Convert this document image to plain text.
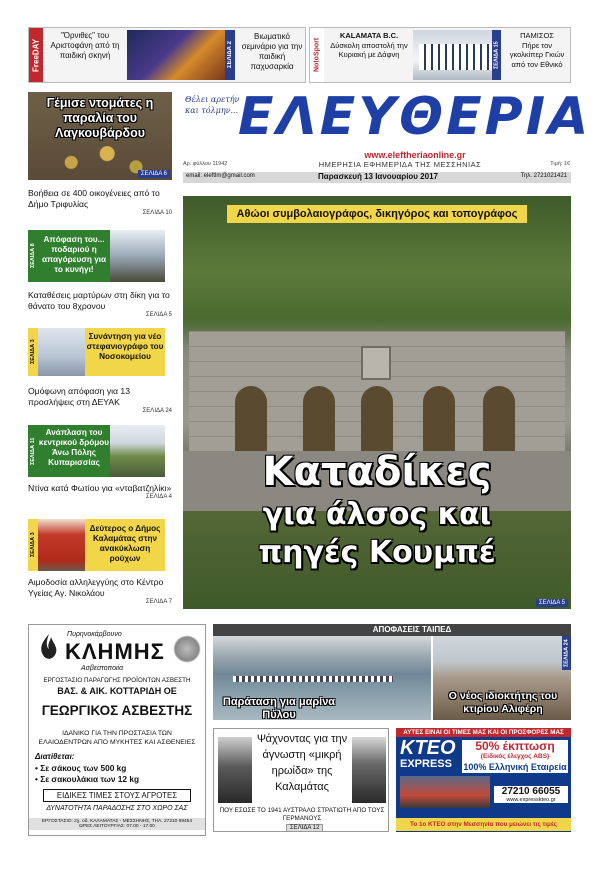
FreeDAY
"Όρνιθες" του Αριστοφάνη από τη παιδική σκηνή	ΣΕΛΙΔΑ 2
Βιωματικό σεμινάριο για την παιδική παχυσαρκία	NotoSport
KALAMATA B.C.
Δύσκολη αποστολή την Κυριακή με Δάφνη	ΣΕΛΙΔΑ 15
ΠΑΜΙΣΟΣ
Πήρε τον γκολκίπερ Γκιών από τον Εθνικό
Γέμισε ντομάτες η παραλία του Λαγκουβάρδου
ΣΕΛΙΔΑ 6
Θέλει αρετήν και τόλμην... ΕΛΕΥΘΕΡΙΑ
www.eleftheriaonline.gr
Αρ. φύλλου 11942	ΗΜΕΡΗΣΙΑ ΕΦΗΜΕΡΙΔΑ ΤΗΣ ΜΕΣΣΗΝΙΑΣ	Τιμή: 1€
email: eleftlm@gmail.com	Παρασκευή 13 Ιανουαρίου 2017	Τηλ. 2721021421
Βοήθεια σε 400 οικογένειες από το Δήμο Τριφυλίας
ΣΕΛΙΔΑ 10
ΣΕΛΙΔΑ 8
Απόφαση του... ποδαριού η απαγόρευση για το κυνήγι!
Καταθέσεις μαρτύρων στη δίκη για το θάνατο του 8χρονου
ΣΕΛΙΔΑ 5
ΣΕΛΙΔΑ 3
Συνάντηση για νέο στεφανιογράφο του Νοσοκομείου
Ομόφωνη απόφαση για 13 προσλήψεις στη ΔΕΥΑΚ
ΣΕΛΙΔΑ 24
ΣΕΛΙΔΑ 11
Ανάπλαση του κεντρικού δρόμου Άνω Πόλης Κυπαρισσίας
Ντίνα κατά Φωτίου για «νταβατζηλίκι»
ΣΕΛΙΔΑ 4
ΣΕΛΙΔΑ 3
Δεύτερος ο Δήμος Καλαμάτας στην ανακύκλωση ρούχων
Αιμοδοσία αλληλεγγύης στο Κέντρο Υγείας Αγ. Νικολάου
ΣΕΛΙΔΑ 7
Αθώοι συμβολαιογράφος, δικηγόρος και τοπογράφος
Καταδίκες
για άλσος και
πηγές Κουμπέ
ΣΕΛΙΔΑ 5
Πυρηνοκάρβουνο
ΚΛΗΜΗΣ
Ασβεστοποιία
ΕΡΓΟΣΤΑΣΙΟ ΠΑΡΑΓΩΓΗΣ ΠΡΟΪΟΝΤΩΝ ΑΣΒΕΣΤΗ
ΒΑΣ. & ΑΙΚ. ΚΟΤΤΑΡΙΔΗ ΟΕ
ΓΕΩΡΓΙΚΟΣ ΑΣΒΕΣΤΗΣ
ΙΔΑΝΙΚΟ ΓΙΑ ΤΗΝ ΠΡΟΣΤΑΣΙΑ ΤΩΝ ΕΛΑΙΟΔΕΝΤΡΩΝ ΑΠΟ ΜΥΚΗΤΕΣ ΚΑΙ ΑΣΘΕΝΕΙΕΣ
Διατίθεται:
• Σε σάκους των 500 kg
• Σε σακουλάκια των 12 kg
ΕΙΔΙΚΕΣ ΤΙΜΕΣ ΣΤΟΥΣ ΑΓΡΟΤΕΣ
ΔΥΝΑΤΟΤΗΤΑ ΠΑΡΑΔΟΣΗΣ ΣΤΟ ΧΩΡΟ ΣΑΣ
ΕΡΓΟΣΤΑΣΙΟ: 2χ. οδ. ΚΑΛΑΜΑΤΑΣ - ΜΕΣΣΗΝΗΣ, ΤΗΛ. 27210 69454
ΩΡΕΣ ΛΕΙΤΟΥΡΓΙΑΣ: 07.00 - 17.00
ΑΠΟΦΑΣΕΙΣ ΤΑΙΠΕΔ
Παράταση για μαρίνα Πύλου
Ο νέος ιδιοκτήτης του κτιρίου Αλιφέρη
ΣΕΛΙΔΑ 24
Ψάχνοντας για την άγνωστη «μικρή ηρωίδα» της Καλαμάτας
ΠΟΥ ΕΣΩΣΕ ΤΟ 1941 ΑΥΣΤΡΑΛΟ ΣΤΡΑΤΙΩΤΗ ΑΠΟ ΤΟΥΣ ΓΕΡΜΑΝΟΥΣ
ΣΕΛΙΔΑ 12
ΑΥΤΕΣ ΕΙΝΑΙ ΟΙ ΤΙΜΕΣ ΜΑΣ ΚΑΙ ΟΙ ΠΡΟΣΦΟΡΕΣ ΜΑΣ
ΚΤΕΟ
EXPRESS
50% έκπτωση
(Ειδικός έλεγχος ABS)
100% Ελληνική Εταιρεία
27210 66055
www.expressktеo.gr
Το 1ο ΚΤΕΟ στην Μεσσηνία που μειώνει τις τιμές
